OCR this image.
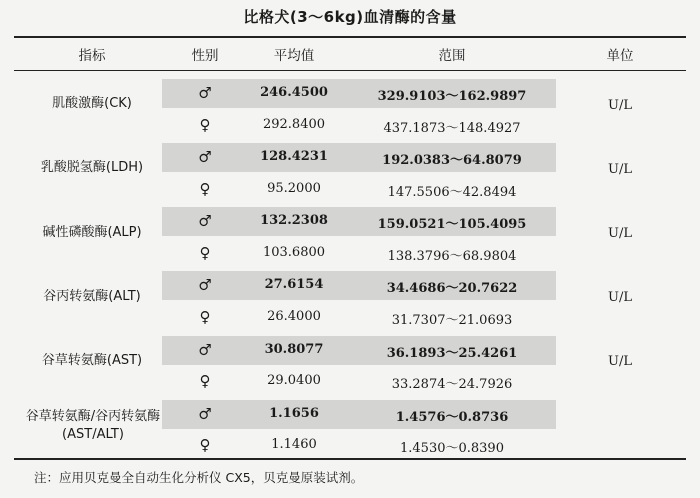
比格犬(3～6kg)血清酶的含量
指标	性别	平均值	范围	单位
肌酸激酶(CK)
♂	246.4500	329.9103～162.9897
♀	292.8400	437.1873～148.4927
U/L
乳酸脱氢酶(LDH)
♂	128.4231	192.0383～64.8079
♀	95.2000	147.5506～42.8494
U/L
碱性磷酸酶(ALP)
♂	132.2308	159.0521～105.4095
♀	103.6800	138.3796～68.9804
U/L
谷丙转氨酶(ALT)
♂	27.6154	34.4686～20.7622
♀	26.4000	31.7307～21.0693
U/L
谷草转氨酶(AST)
♂	30.8077	36.1893～25.4261
♀	29.0400	33.2874～24.7926
U/L
谷草转氨酶/谷丙转氨酶(AST/ALT)
♂	1.1656	1.4576～0.8736
♀	1.1460	1.4530～0.8390
注：应用贝克曼全自动生化分析仪 CX5，贝克曼原装试剂。
